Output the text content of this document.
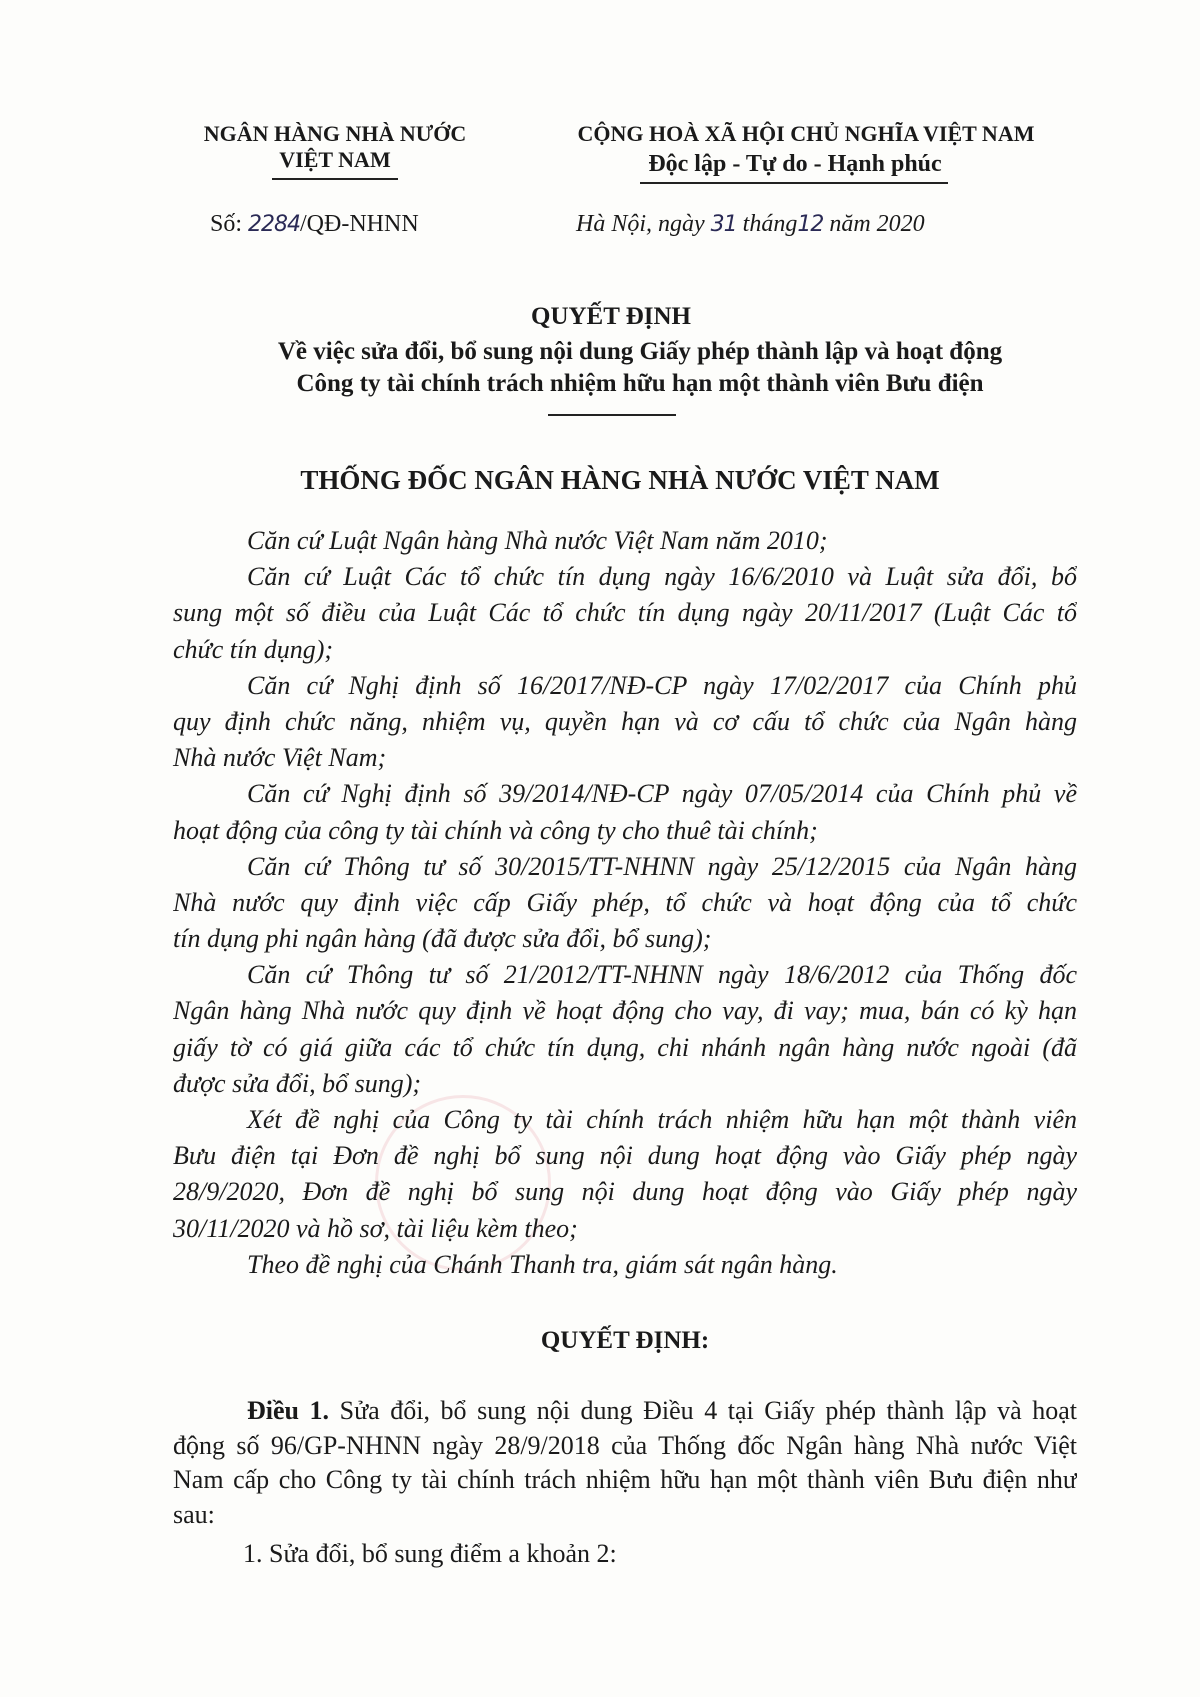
NGÂN HÀNG NHÀ NƯỚC
VIỆT NAM
CỘNG HOÀ XÃ HỘI CHỦ NGHĨA VIỆT NAM
Độc lập - Tự do - Hạnh phúc
Số: 2284/QĐ-NHNN	Hà Nội, ngày 31 tháng12 năm 2020
QUYẾT ĐỊNH
Về việc sửa đổi, bổ sung nội dung Giấy phép thành lập và hoạt động
Công ty tài chính trách nhiệm hữu hạn một thành viên Bưu điện
THỐNG ĐỐC NGÂN HÀNG NHÀ NƯỚC VIỆT NAM
Căn cứ Luật Ngân hàng Nhà nước Việt Nam năm 2010;
Căn cứ Luật Các tổ chức tín dụng ngày 16/6/2010 và Luật sửa đổi, bổ
sung một số điều của Luật Các tổ chức tín dụng ngày 20/11/2017 (Luật Các tổ
chức tín dụng);
Căn cứ Nghị định số 16/2017/NĐ-CP ngày 17/02/2017 của Chính phủ
quy định chức năng, nhiệm vụ, quyền hạn và cơ cấu tổ chức của Ngân hàng
Nhà nước Việt Nam;
Căn cứ Nghị định số 39/2014/NĐ-CP ngày 07/05/2014 của Chính phủ về
hoạt động của công ty tài chính và công ty cho thuê tài chính;
Căn cứ Thông tư số 30/2015/TT-NHNN ngày 25/12/2015 của Ngân hàng
Nhà nước quy định việc cấp Giấy phép, tổ chức và hoạt động của tổ chức
tín dụng phi ngân hàng (đã được sửa đổi, bổ sung);
Căn cứ Thông tư số 21/2012/TT-NHNN ngày 18/6/2012 của Thống đốc
Ngân hàng Nhà nước quy định về hoạt động cho vay, đi vay; mua, bán có kỳ hạn
giấy tờ có giá giữa các tổ chức tín dụng, chi nhánh ngân hàng nước ngoài (đã
được sửa đổi, bổ sung);
Xét đề nghị của Công ty tài chính trách nhiệm hữu hạn một thành viên
Bưu điện tại Đơn đề nghị bổ sung nội dung hoạt động vào Giấy phép ngày
28/9/2020, Đơn đề nghị bổ sung nội dung hoạt động vào Giấy phép ngày
30/11/2020 và hồ sơ, tài liệu kèm theo;
Theo đề nghị của Chánh Thanh tra, giám sát ngân hàng.
QUYẾT ĐỊNH:
Điều 1. Sửa đổi, bổ sung nội dung Điều 4 tại Giấy phép thành lập và hoạt
động số 96/GP-NHNN ngày 28/9/2018 của Thống đốc Ngân hàng Nhà nước Việt
Nam cấp cho Công ty tài chính trách nhiệm hữu hạn một thành viên Bưu điện như
sau:
1. Sửa đổi, bổ sung điểm a khoản 2:
